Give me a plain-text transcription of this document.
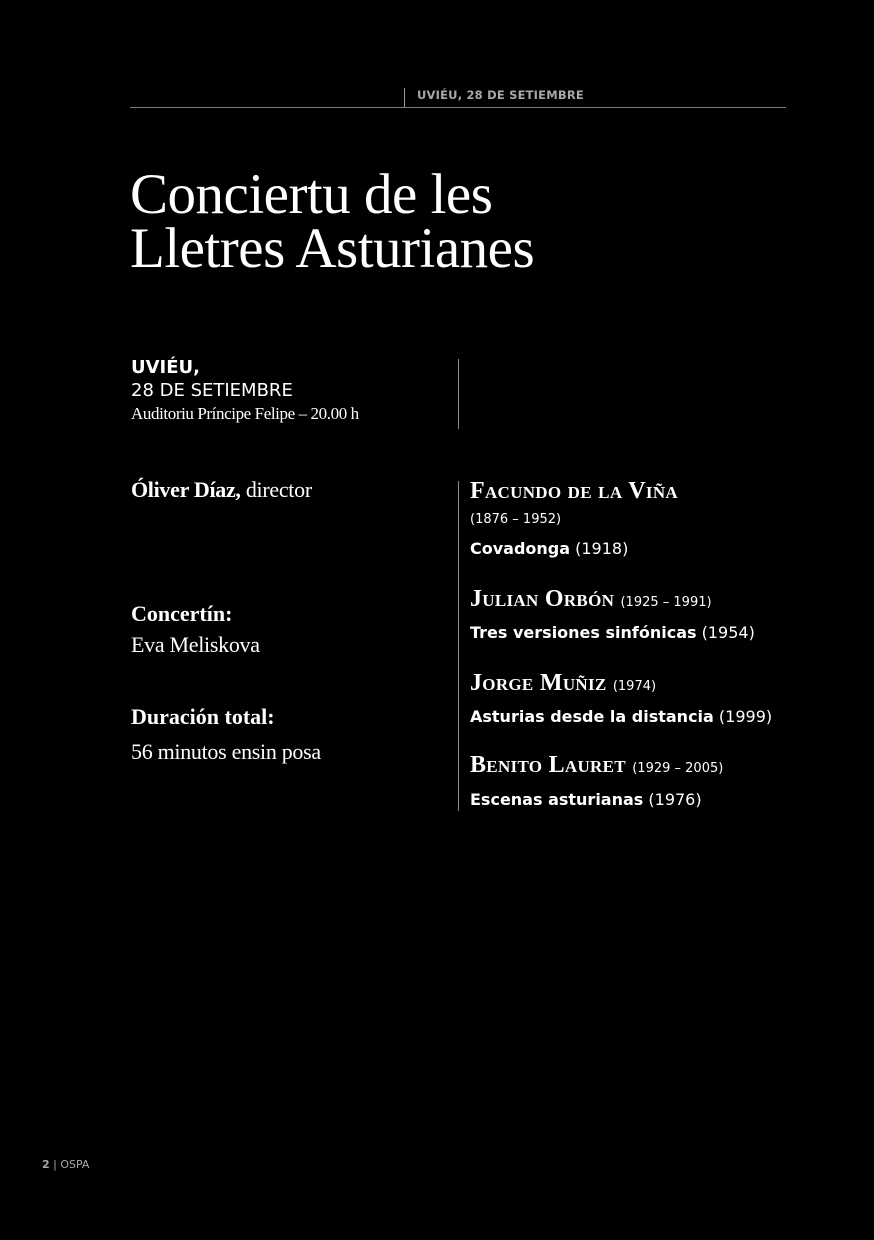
UVIÉU, 28 DE SETIEMBRE
Conciertu de les
Lletres Asturianes
UVIÉU,
28 DE SETIEMBRE
Auditoriu Príncipe Felipe – 20.00 h
Óliver Díaz, director
Concertín:
Eva Meliskova
Duración total:
56 minutos ensin posa
Facundo de la Viña
(1876 – 1952)
Covadonga (1918)
Julian Orbón (1925 – 1991)
Tres versiones sinfónicas (1954)
Jorge Muñiz (1974)
Asturias desde la distancia (1999)
Benito Lauret (1929 – 2005)
Escenas asturianas (1976)
2 | OSPA
